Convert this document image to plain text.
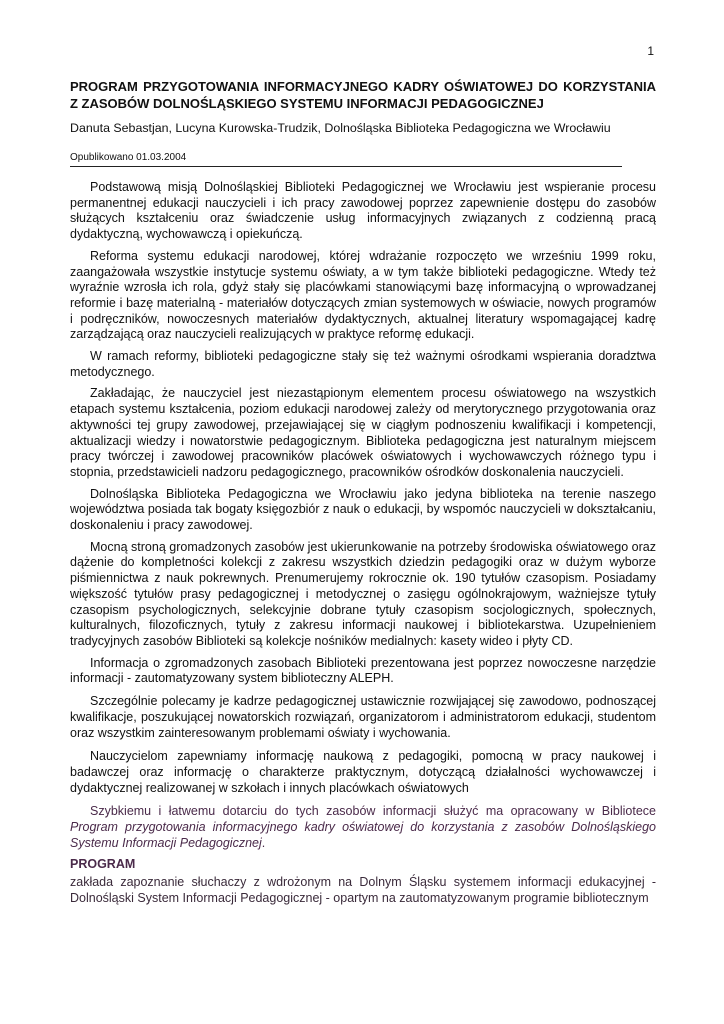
1
PROGRAM PRZYGOTOWANIA INFORMACYJNEGO KADRY OŚWIATOWEJ DO KORZYSTANIA Z ZASOBÓW DOLNOŚLĄSKIEGO SYSTEMU INFORMACJI PEDAGOGICZNEJ
Danuta Sebastjan, Lucyna Kurowska-Trudzik, Dolnośląska Biblioteka Pedagogiczna we Wrocławiu
Opublikowano 01.03.2004

Podstawową misją Dolnośląskiej Biblioteki Pedagogicznej we Wrocławiu jest wspieranie procesu permanentnej edukacji nauczycieli i ich pracy zawodowej poprzez zapewnienie dostępu do zasobów służących kształceniu oraz świadczenie usług informacyjnych związanych z codzienną pracą dydaktyczną, wychowawczą i opiekuńczą.

Reforma systemu edukacji narodowej, której wdrażanie rozpoczęto we wrześniu 1999 roku, zaangażowała wszystkie instytucje systemu oświaty, a w tym także biblioteki pedagogiczne. Wtedy też wyraźnie wzrosła ich rola, gdyż stały się placówkami stanowiącymi bazę informacyjną o wprowadzanej reformie i bazę materialną - materiałów dotyczących zmian systemowych w oświacie, nowych programów i podręczników, nowoczesnych materiałów dydaktycznych, aktualnej literatury wspomagającej kadrę zarządzającą oraz nauczycieli realizujących w praktyce reformę edukacji.

W ramach reformy, biblioteki pedagogiczne stały się też ważnymi ośrodkami wspierania doradztwa metodycznego.

Zakładając, że nauczyciel jest niezastąpionym elementem procesu oświatowego na wszystkich etapach systemu kształcenia, poziom edukacji narodowej zależy od merytorycznego przygotowania oraz aktywności tej grupy zawodowej, przejawiającej się w ciągłym podnoszeniu kwalifikacji i kompetencji, aktualizacji wiedzy i nowatorstwie pedagogicznym. Biblioteka pedagogiczna jest naturalnym miejscem pracy twórczej i zawodowej pracowników placówek oświatowych i wychowawczych różnego typu i stopnia, przedstawicieli nadzoru pedagogicznego, pracowników ośrodków doskonalenia nauczycieli.

Dolnośląska Biblioteka Pedagogiczna we Wrocławiu jako jedyna biblioteka na terenie naszego województwa posiada tak bogaty księgozbiór z nauk o edukacji, by wspomóc nauczycieli w dokształcaniu, doskonaleniu i pracy zawodowej.

Mocną stroną gromadzonych zasobów jest ukierunkowanie na potrzeby środowiska oświatowego oraz dążenie do kompletności kolekcji z zakresu wszystkich dziedzin pedagogiki oraz w dużym wyborze piśmiennictwa z nauk pokrewnych. Prenumerujemy rokrocznie ok. 190 tytułów czasopism. Posiadamy większość tytułów prasy pedagogicznej i metodycznej o zasięgu ogólnokrajowym, ważniejsze tytuły czasopism psychologicznych, selekcyjnie dobrane tytuły czasopism socjologicznych, społecznych, kulturalnych, filozoficznych, tytuły z zakresu informacji naukowej i bibliotekarstwa. Uzupełnieniem tradycyjnych zasobów Biblioteki są kolekcje nośników medialnych: kasety wideo i płyty CD.

Informacja o zgromadzonych zasobach Biblioteki prezentowana jest poprzez nowoczesne narzędzie informacji - zautomatyzowany system biblioteczny ALEPH.

Szczególnie polecamy je kadrze pedagogicznej ustawicznie rozwijającej się zawodowo, podnoszącej kwalifikacje, poszukującej nowatorskich rozwiązań, organizatorom i administratorom edukacji, studentom oraz wszystkim zainteresowanym problemami oświaty i wychowania.

Nauczycielom zapewniamy informację naukową z pedagogiki, pomocną w pracy naukowej i badawczej oraz informację o charakterze praktycznym, dotyczącą działalności wychowawczej i dydaktycznej realizowanej w szkołach i innych placówkach oświatowych

Szybkiemu i łatwemu dotarciu do tych zasobów informacji służyć ma opracowany w Bibliotece Program przygotowania informacyjnego kadry oświatowej do korzystania z zasobów Dolnośląskiego Systemu Informacji Pedagogicznej.

PROGRAM

zakłada zapoznanie słuchaczy z wdrożonym na Dolnym Śląsku systemem informacji edukacyjnej - Dolnośląski System Informacji Pedagogicznej - opartym na zautomatyzowanym programie bibliotecznym
